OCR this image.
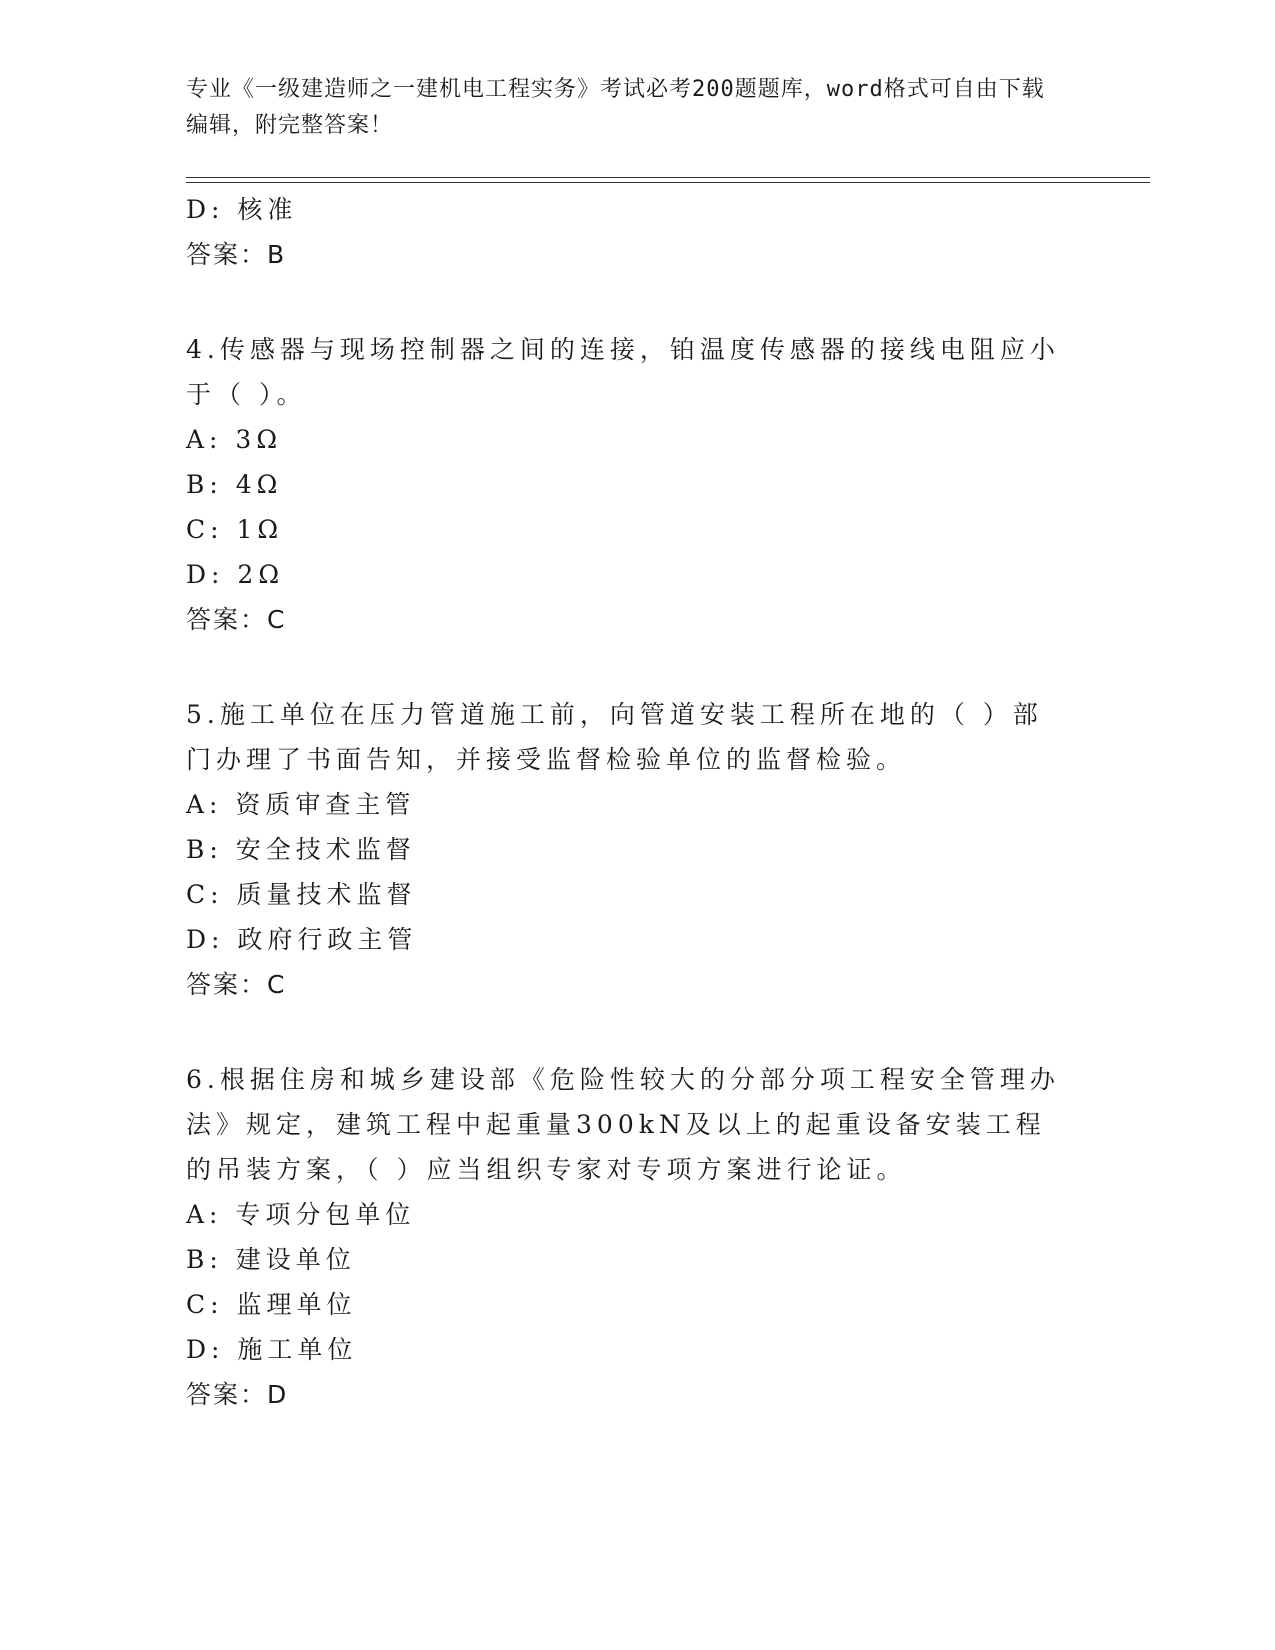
专业《一级建造师之一建机电工程实务》考试必考200题题库，word格式可自由下载编辑，附完整答案！
D: 核准
答案：B
4.传感器与现场控制器之间的连接，铂温度传感器的接线电阻应小于（ ）。
A: 3Ω
B: 4Ω
C: 1Ω
D: 2Ω
答案：C
5.施工单位在压力管道施工前，向管道安装工程所在地的（ ）部门办理了书面告知，并接受监督检验单位的监督检验。
A: 资质审查主管
B: 安全技术监督
C: 质量技术监督
D: 政府行政主管
答案：C
6.根据住房和城乡建设部《危险性较大的分部分项工程安全管理办法》规定，建筑工程中起重量300kN及以上的起重设备安装工程的吊装方案，（ ）应当组织专家对专项方案进行论证。
A: 专项分包单位
B: 建设单位
C: 监理单位
D: 施工单位
答案：D
